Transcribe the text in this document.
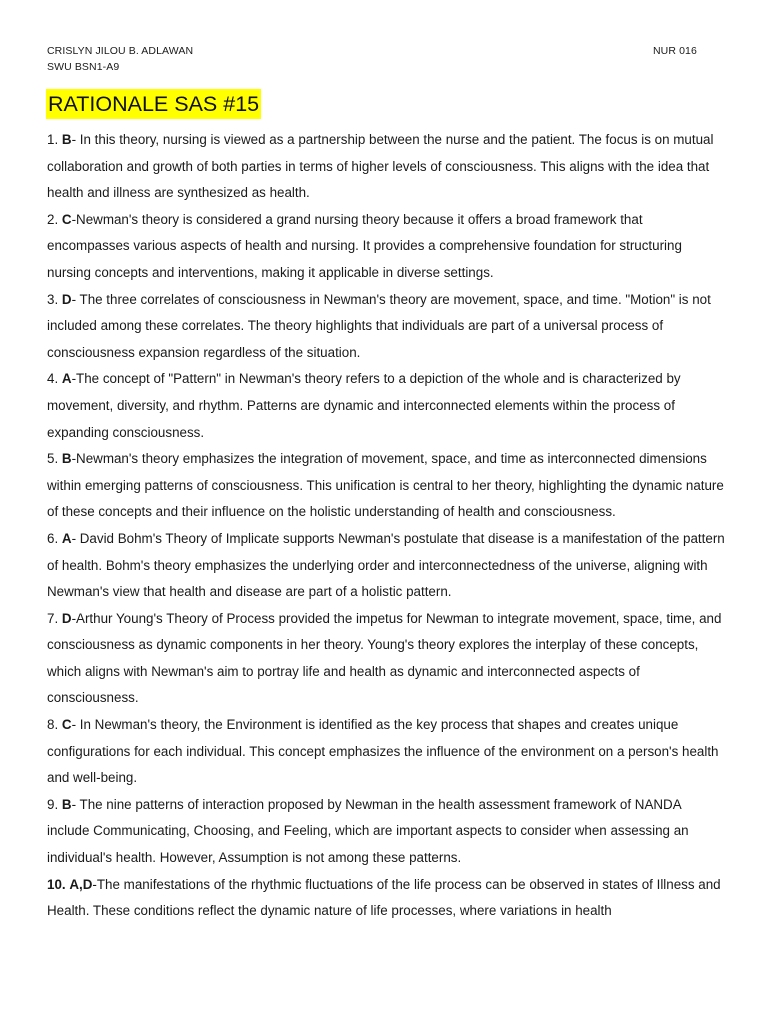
CRISLYN JILOU B. ADLAWAN
SWU BSN1-A9
NUR 016
RATIONALE SAS #15

1. B- In this theory, nursing is viewed as a partnership between the nurse and the patient. The focus is on mutual collaboration and growth of both parties in terms of higher levels of consciousness. This aligns with the idea that health and illness are synthesized as health.

2. C-Newman's theory is considered a grand nursing theory because it offers a broad framework that encompasses various aspects of health and nursing. It provides a comprehensive foundation for structuring nursing concepts and interventions, making it applicable in diverse settings.

3. D- The three correlates of consciousness in Newman's theory are movement, space, and time. "Motion" is not included among these correlates. The theory highlights that individuals are part of a universal process of consciousness expansion regardless of the situation.

4. A-The concept of "Pattern" in Newman's theory refers to a depiction of the whole and is characterized by movement, diversity, and rhythm. Patterns are dynamic and interconnected elements within the process of expanding consciousness.

5. B-Newman's theory emphasizes the integration of movement, space, and time as interconnected dimensions within emerging patterns of consciousness. This unification is central to her theory, highlighting the dynamic nature of these concepts and their influence on the holistic understanding of health and consciousness.

6. A- David Bohm's Theory of Implicate supports Newman's postulate that disease is a manifestation of the pattern of health. Bohm's theory emphasizes the underlying order and interconnectedness of the universe, aligning with Newman's view that health and disease are part of a holistic pattern.

7. D-Arthur Young's Theory of Process provided the impetus for Newman to integrate movement, space, time, and consciousness as dynamic components in her theory. Young's theory explores the interplay of these concepts, which aligns with Newman's aim to portray life and health as dynamic and interconnected aspects of consciousness.

8. C- In Newman's theory, the Environment is identified as the key process that shapes and creates unique configurations for each individual. This concept emphasizes the influence of the environment on a person's health and well-being.

9. B- The nine patterns of interaction proposed by Newman in the health assessment framework of NANDA include Communicating, Choosing, and Feeling, which are important aspects to consider when assessing an individual's health. However, Assumption is not among these patterns.

10. A,D-The manifestations of the rhythmic fluctuations of the life process can be observed in states of Illness and Health. These conditions reflect the dynamic nature of life processes, where variations in health
